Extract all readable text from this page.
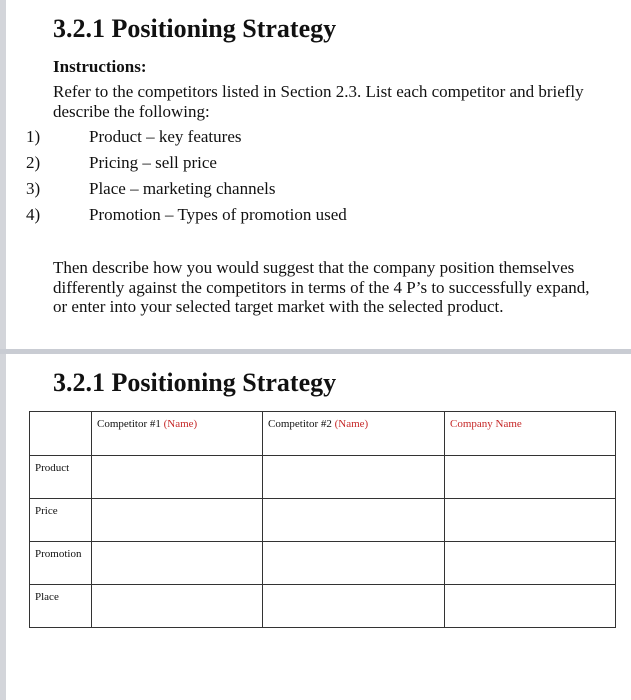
3.2.1 Positioning Strategy
Instructions:
Refer to the competitors listed in Section 2.3. List each competitor and briefly describe the following:
1)	Product – key features
2)	Pricing – sell price
3)	Place – marketing channels
4)	Promotion – Types of promotion used
Then describe how you would suggest that the company position themselves differently against the competitors in terms of the 4 P’s to successfully expand, or enter into your selected target market with the selected product.
3.2.1 Positioning Strategy
	Competitor #1 (Name)	Competitor #2 (Name)	Company Name
Product			
Price			
Promotion			
Place			
